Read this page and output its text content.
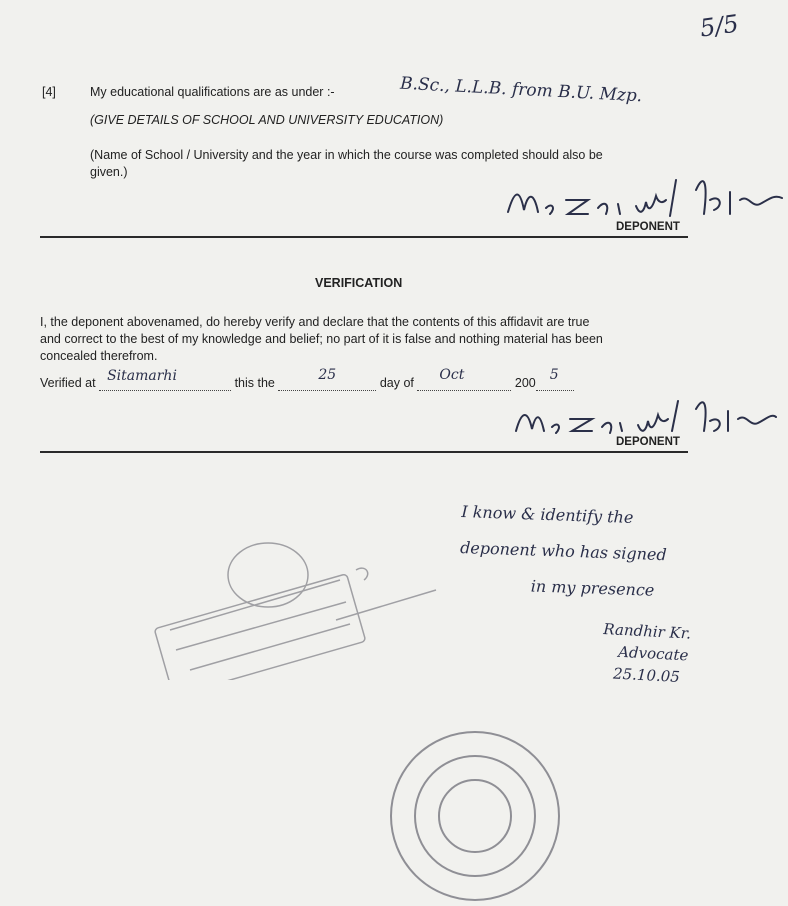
5/5
[4]	My educational qualifications are as under :-	B.Sc., L.L.B. from B.U. Mzp.
(GIVE DETAILS OF SCHOOL AND UNIVERSITY EDUCATION)
(Name of School / University and the year in which the course was completed should also be
given.)
DEPONENT
VERIFICATION
I, the deponent abovenamed, do hereby verify and declare that the contents of this affidavit are true
and correct to the best of my knowledge and belief; no part of it is false and nothing material has been
concealed therefrom.
Verified at Sitamarhi	this the	25	day of Oct	200 5

DEPONENT
I know & identify the
deponent who has signed
in my presence
Randhir Kr.
Advocate
25.10.05
